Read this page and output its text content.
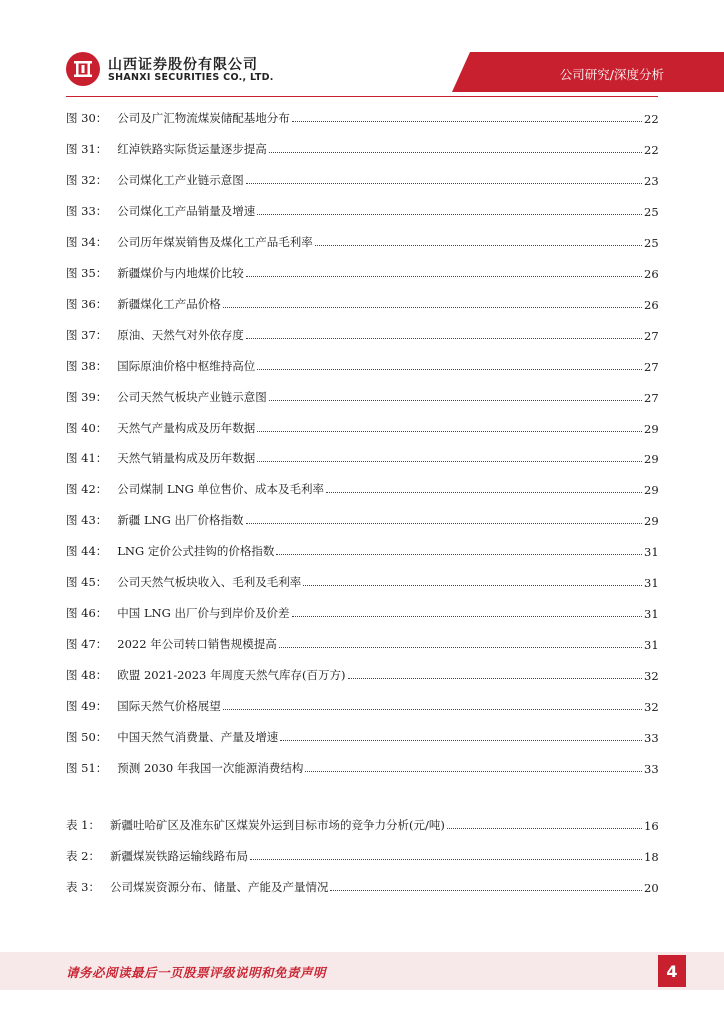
山西证券股份有限公司
SHANXI SECURITIES CO., LTD.	公司研究/深度分析
图 30 ： 公司及广汇物流煤炭储配基地分布	22
图 31 ： 红淖铁路实际货运量逐步提高	22
图 32 ： 公司煤化工产业链示意图	23
图 33 ： 公司煤化工产品销量及增速	25
图 34 ： 公司历年煤炭销售及煤化工产品毛利率	25
图 35 ： 新疆煤价与内地煤价比较	26
图 36 ： 新疆煤化工产品价格	26
图 37 ： 原油、天然气对外依存度	27
图 38 ： 国际原油价格中枢维持高位	27
图 39 ： 公司天然气板块产业链示意图	27
图 40 ： 天然气产量构成及历年数据	29
图 41 ： 天然气销量构成及历年数据	29
图 42 ： 公司煤制 LNG 单位售价、成本及毛利率	29
图 43 ： 新疆 LNG 出厂价格指数	29
图 44 ： LNG 定价公式挂钩的价格指数	31
图 45 ： 公司天然气板块收入、毛利及毛利率	31
图 46 ： 中国 LNG 出厂价与到岸价及价差	31
图 47 ： 2022 年公司转口销售规模提高	31
图 48 ： 欧盟 2021-2023 年周度天然气库存(百万方)	32
图 49 ： 国际天然气价格展望	32
图 50 ： 中国天然气消费量、产量及增速	33
图 51 ： 预测 2030 年我国一次能源消费结构	33
表 1 ： 新疆吐哈矿区及准东矿区煤炭外运到目标市场的竞争力分析(元/吨)	16
表 2 ： 新疆煤炭铁路运输线路布局	18
表 3 ： 公司煤炭资源分布、储量、产能及产量情况	20
请务必阅读最后一页股票评级说明和免责声明	4
